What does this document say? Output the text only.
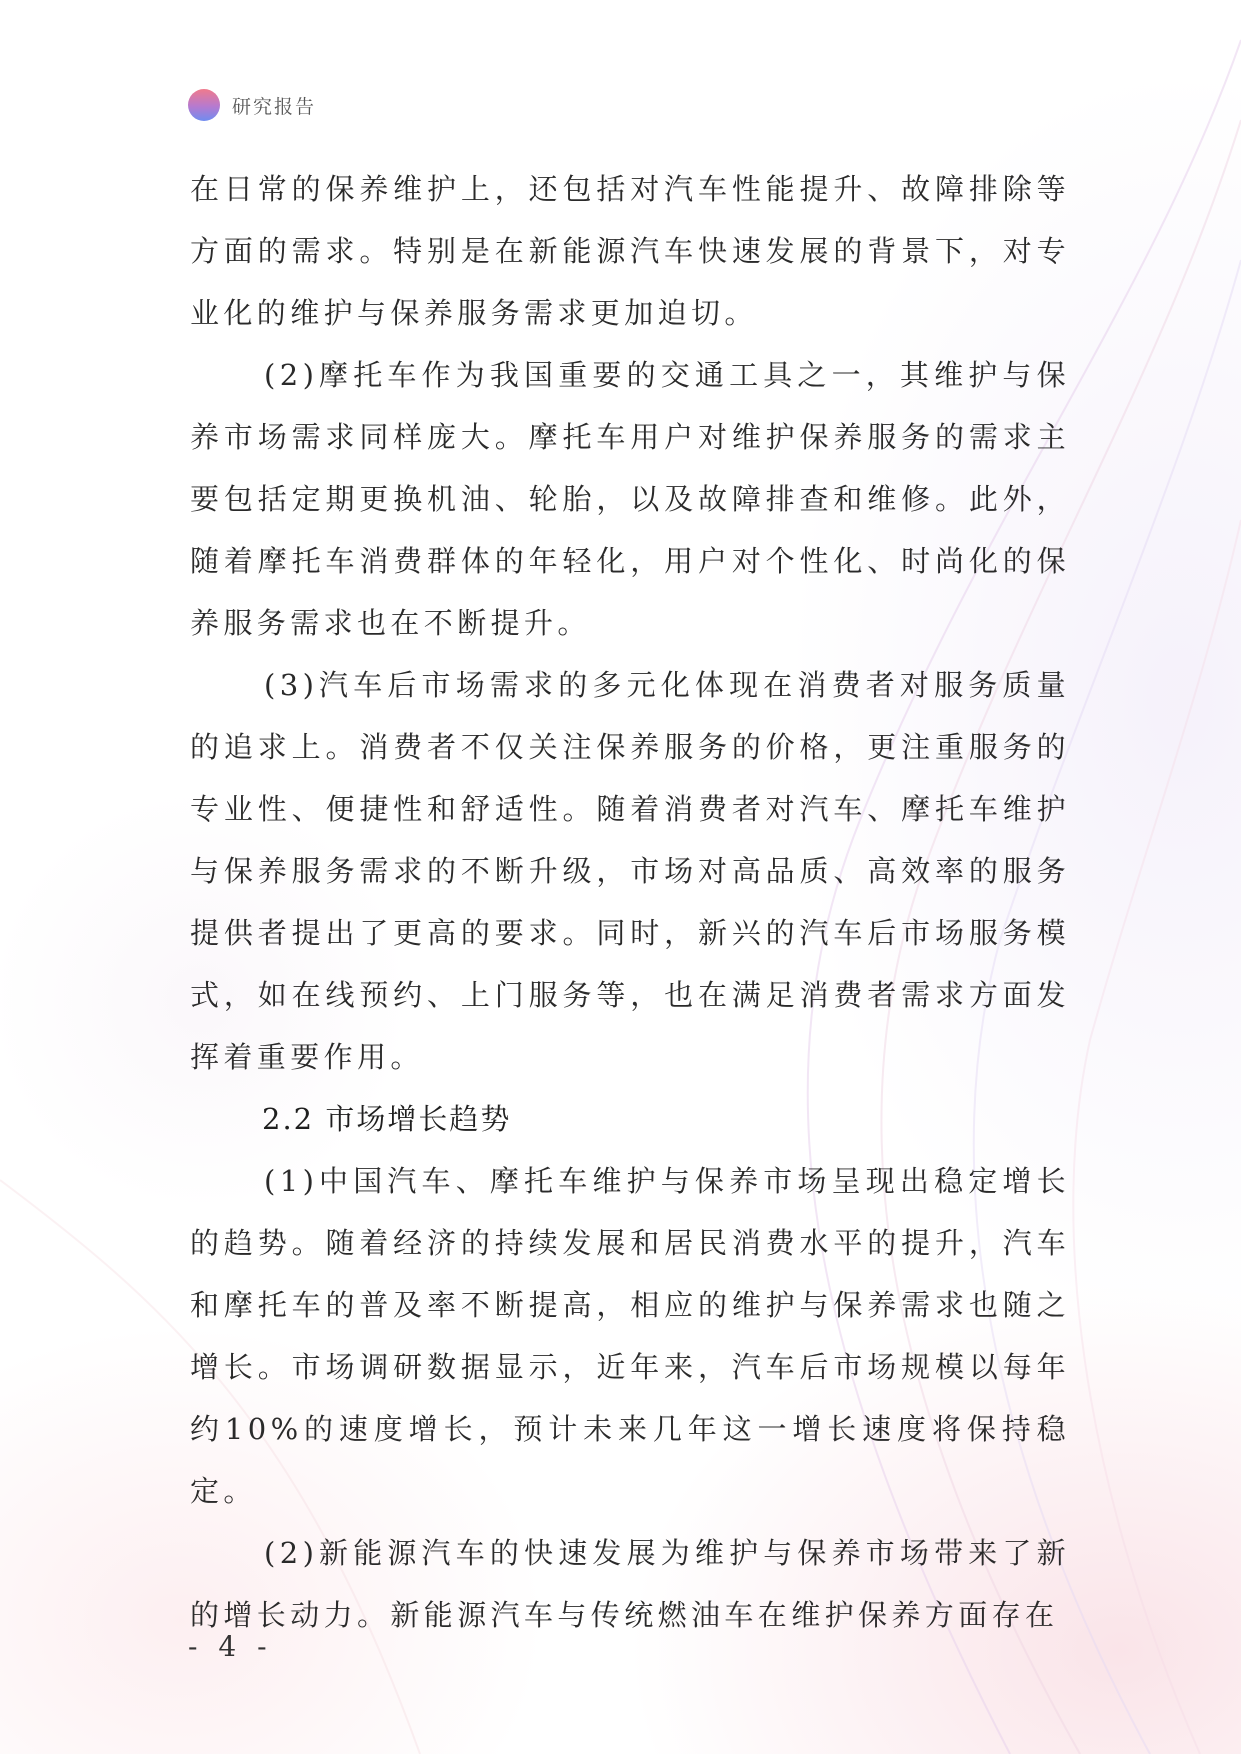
研究报告

在日常的保养维护上，还包括对汽车性能提升、故障排除等方面的需求。特别是在新能源汽车快速发展的背景下，对专业化的维护与保养服务需求更加迫切。

(2)摩托车作为我国重要的交通工具之一，其维护与保养市场需求同样庞大。摩托车用户对维护保养服务的需求主要包括定期更换机油、轮胎，以及故障排查和维修。此外，随着摩托车消费群体的年轻化，用户对个性化、时尚化的保养服务需求也在不断提升。

(3)汽车后市场需求的多元化体现在消费者对服务质量的追求上。消费者不仅关注保养服务的价格，更注重服务的专业性、便捷性和舒适性。随着消费者对汽车、摩托车维护与保养服务需求的不断升级，市场对高品质、高效率的服务提供者提出了更高的要求。同时，新兴的汽车后市场服务模式，如在线预约、上门服务等，也在满足消费者需求方面发挥着重要作用。

2.2 市场增长趋势

(1)中国汽车、摩托车维护与保养市场呈现出稳定增长的趋势。随着经济的持续发展和居民消费水平的提升，汽车和摩托车的普及率不断提高，相应的维护与保养需求也随之增长。市场调研数据显示，近年来，汽车后市场规模以每年约10%的速度增长，预计未来几年这一增长速度将保持稳定。

(2)新能源汽车的快速发展为维护与保养市场带来了新的增长动力。新能源汽车与传统燃油车在维护保养方面存在

- 4 -
